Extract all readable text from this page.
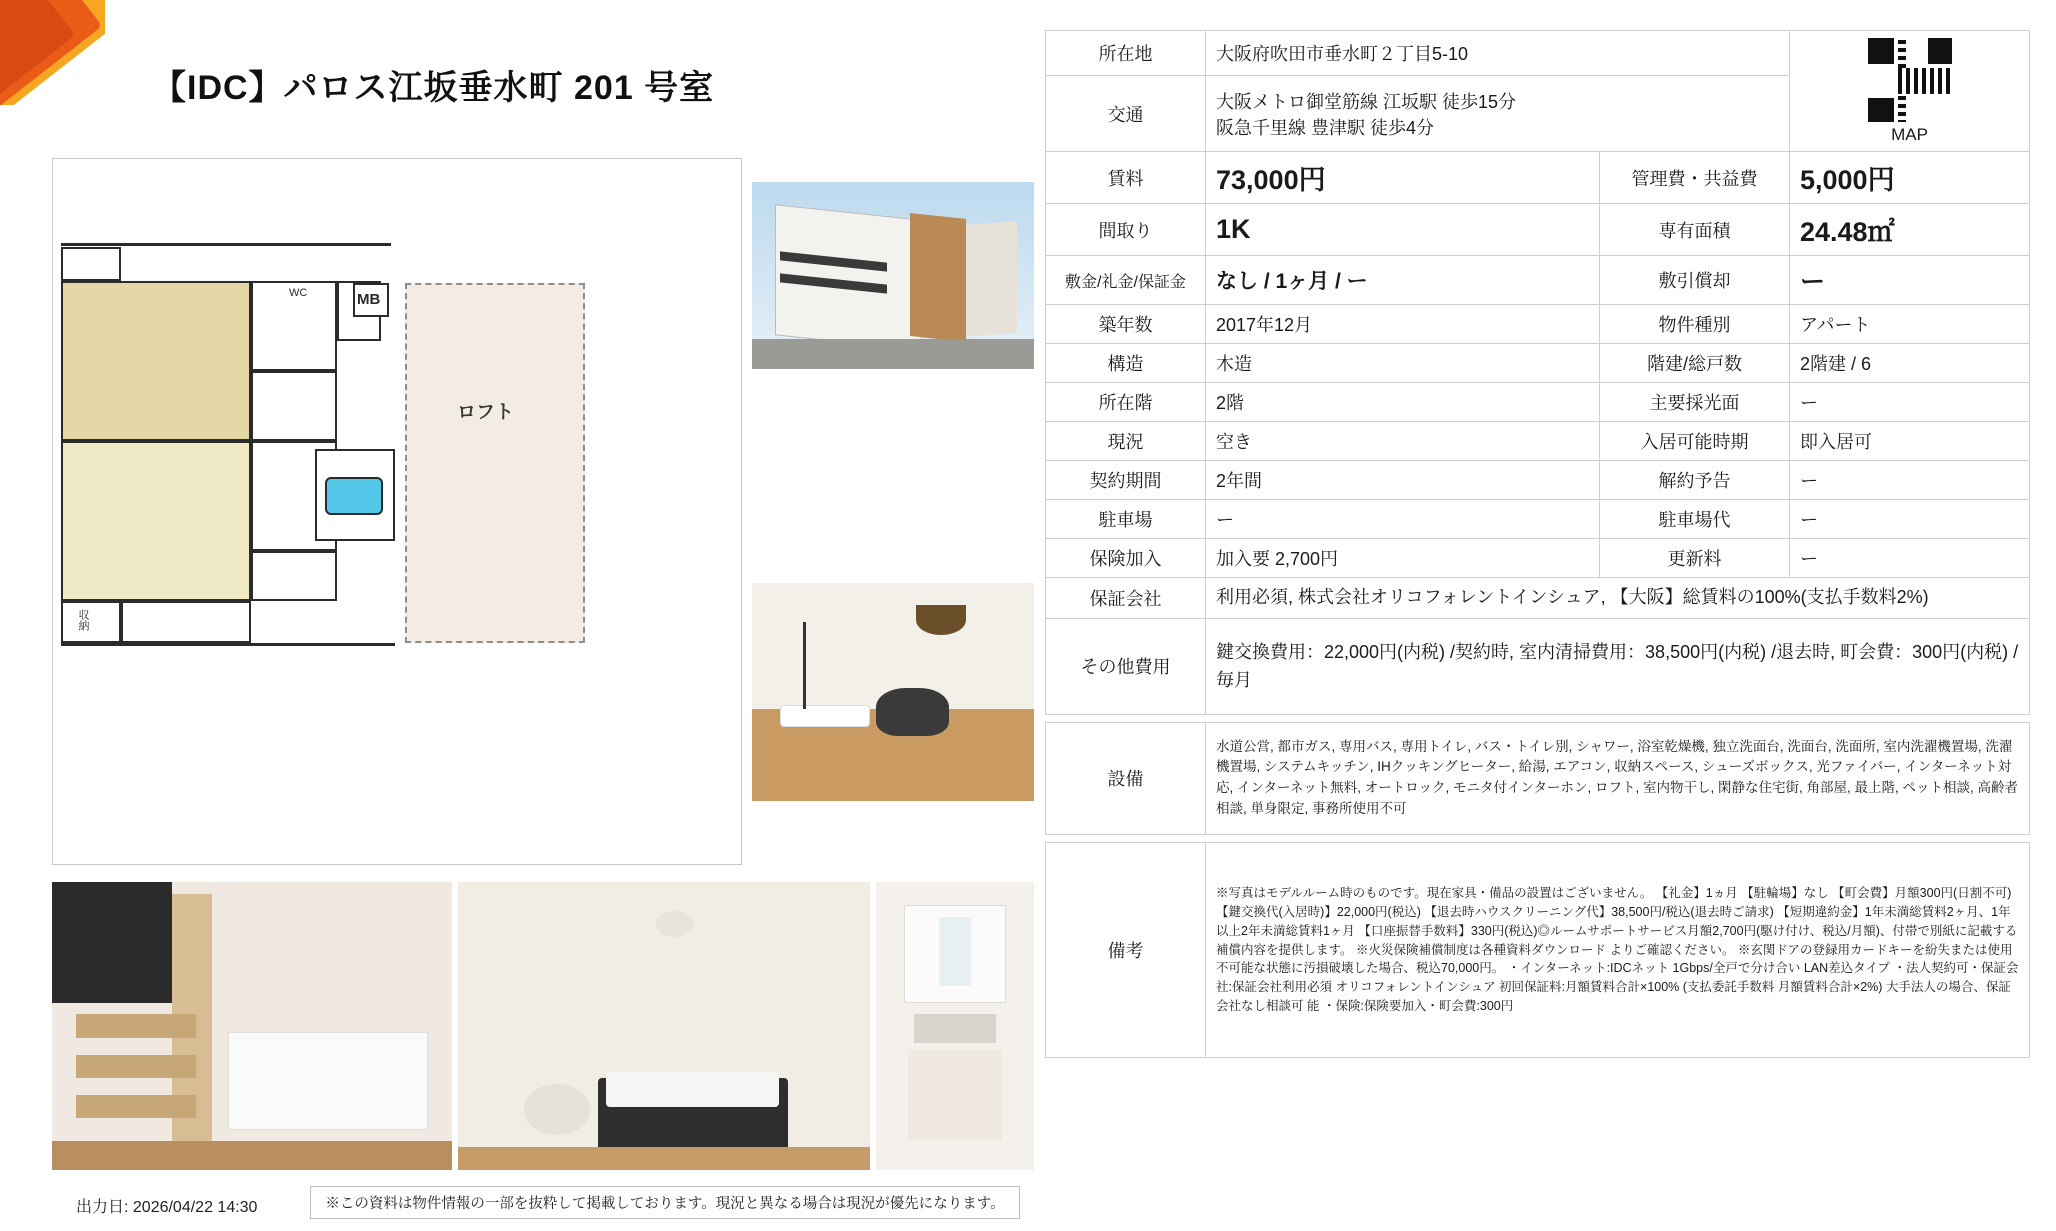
【IDC】パロス江坂垂水町 201 号室
MB
WC
収納
ロフト
出力日: 2026/04/22 14:30	※この資料は物件情報の一部を抜粋して掲載しております。現況と異なる場合は現況が優先になります。
所在地	大阪府吹田市垂水町２丁目5-10		MAP

交通	大阪メトロ御堂筋線 江坂駅 徒歩15分
阪急千里線 豊津駅 徒歩4分		

賃料	73,000円	管理費・共益費	5,000円
間取り	1K	専有面積	24.48㎡
敷金/礼金/保証金	なし / 1ヶ月 / ー	敷引償却	ー
築年数	2017年12月	物件種別	アパート
構造	木造	階建/総戸数	2階建 / 6
所在階	2階	主要採光面	ー
現況	空き	入居可能時期	即入居可
契約期間	2年間	解約予告	ー
駐車場	ー	駐車場代	ー
保険加入	加入要 2,700円	更新料	ー
保証会社	利用必須, 株式会社オリコフォレントインシュア, 【大阪】総賃料の100%(支払手数料2%)		
その他費用	鍵交換費用：22,000円(内税) /契約時, 室内清掃費用：38,500円(内税) /退去時, 町会費：300円(内税) /毎月		

設備	水道公営, 都市ガス, 専用バス, 専用トイレ, バス・トイレ別, シャワー, 浴室乾燥機, 独立洗面台, 洗面台, 洗面所, 室内洗濯機置場, 洗濯機置場, システムキッチン, IHクッキングヒーター, 給湯, エアコン, 収納スペース, シューズボックス, 光ファイバー, インターネット対応, インターネット無料, オートロック, モニタ付インターホン, ロフト, 室内物干し, 閑静な住宅街, 角部屋, 最上階, ペット相談, 高齢者相談, 単身限定, 事務所使用不可		

備考	※写真はモデルルーム時のものです。現在家具・備品の設置はございません。 【礼金】1ヵ月 【駐輪場】なし 【町会費】月額300円(日割不可) 【鍵交換代(入居時)】22,000円(税込) 【退去時ハウスクリーニング代】38,500円/税込(退去時ご請求) 【短期違約金】1年未満総賃料2ヶ月、1年以上2年未満総賃料1ヶ月 【口座振替手数料】330円(税込)◎ルームサポートサービス月額2,700円(駆け付け、税込/月額)、付帯で別紙に記載する補償内容を提供します。 ※火災保険補償制度は各種資料ダウンロード よりご確認ください。 ※玄関ドアの登録用カードキーを紛失または使用不可能な状態に汚損破壊した場合、税込70,000円。 ・インターネット:IDCネット 1Gbps/全戸で分け合い LAN差込タイプ ・法人契約可・保証会社:保証会社利用必須 オリコフォレントインシュア 初回保証料:月額賃料合計×100% (支払委託手数料 月額賃料合計×2%) 大手法人の場合、保証会社なし相談可 能 ・保険:保険要加入・町会費:300円		
